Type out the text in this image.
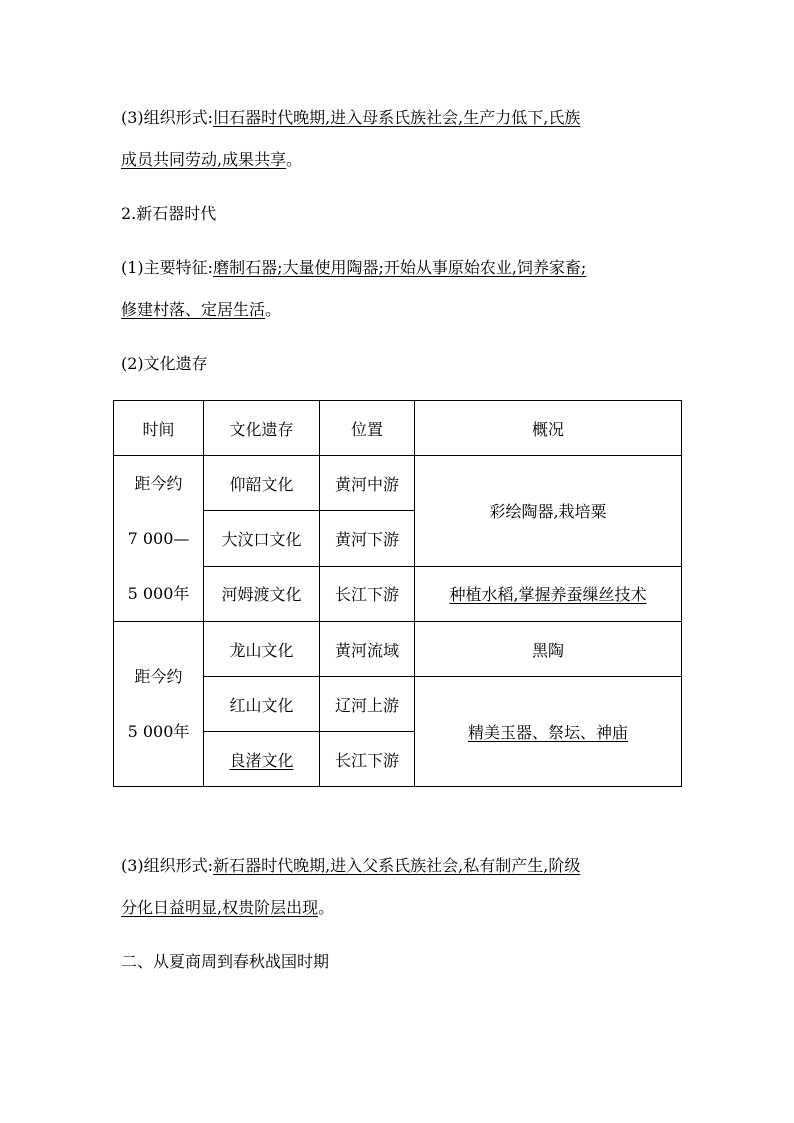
(3)组织形式:旧石器时代晚期,进入母系氏族社会,生产力低下,氏族
成员共同劳动,成果共享。
2.新石器时代
(1)主要特征:磨制石器;大量使用陶器;开始从事原始农业,饲养家畜;
修建村落、定居生活。
(2)文化遗存
时间	文化遗存	位置	概况

距今约
7 000—
5 000年	仰韶文化	黄河中游	彩绘陶器,栽培粟
	大汶口文化	黄河下游	
	河姆渡文化	长江下游	种植水稻,掌握养蚕缫丝技术

距今约
5 000年	龙山文化	黄河流域	黑陶
	红山文化	辽河上游	精美玉器、祭坛、神庙
	良渚文化	长江下游	
(3)组织形式:新石器时代晚期,进入父系氏族社会,私有制产生,阶级
分化日益明显,权贵阶层出现。
二、从夏商周到春秋战国时期
